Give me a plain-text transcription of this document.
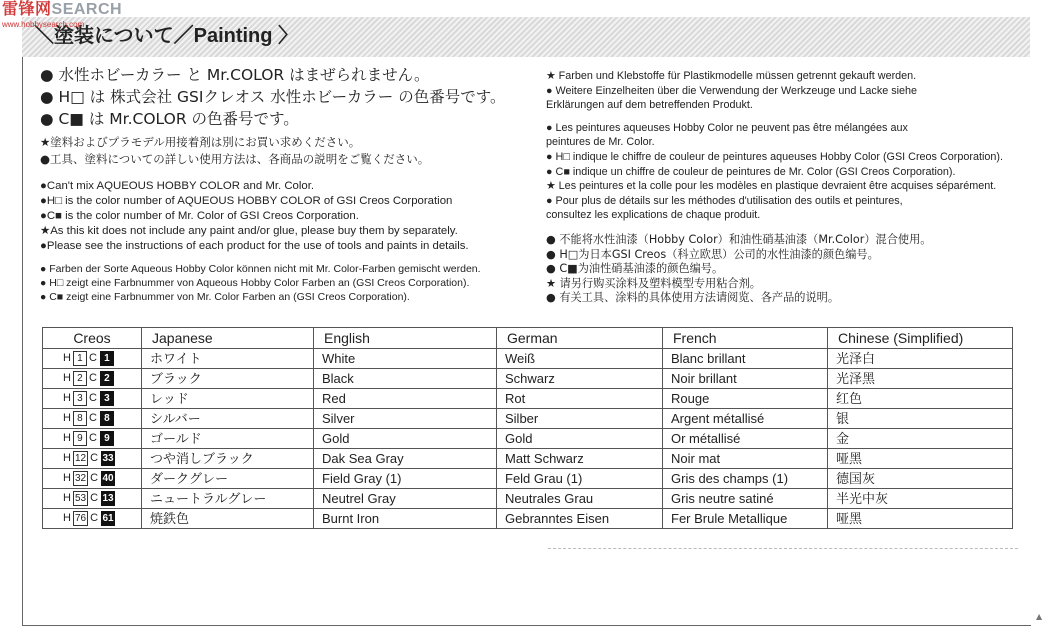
＼塗装について／Painting 〉
雷锋网SEARCH
www.hobbysearch.com
● 水性ホビーカラー と Mr.COLOR はまぜられません。
● H□ は 株式会社 GSIクレオス 水性ホビーカラー の色番号です。
● C■ は Mr.COLOR の色番号です。
★塗料およびプラモデル用接着剤は別にお買い求めください。
●工具、塗料についての詳しい使用方法は、各商品の説明をご覧ください。
●Can't mix AQUEOUS HOBBY COLOR and Mr. Color.
●H□ is the color number of AQUEOUS HOBBY COLOR of GSI Creos Corporation
●C■ is the color number of Mr. Color of GSI Creos Corporation.
★As this kit does not include any paint and/or glue, please buy them by separately.
●Please see the instructions of each product for the use of tools and paints in details.
● Farben der Sorte Aqueous Hobby Color können nicht mit Mr. Color-Farben gemischt werden.
● H□ zeigt eine Farbnummer von Aqueous Hobby Color Farben an (GSI Creos Corporation).
● C■ zeigt eine Farbnummer von Mr. Color Farben an (GSI Creos Corporation).
★ Farben und Klebstoffe für Plastikmodelle müssen getrennt gekauft werden.
● Weitere Einzelheiten über die Verwendung der Werkzeuge und Lacke siehe
Erklärungen auf dem betreffenden Produkt.
● Les peintures aqueuses Hobby Color ne peuvent pas être mélangées aux
peintures de Mr. Color.
● H□ indique le chiffre de couleur de peintures aqueuses Hobby Color (GSI Creos Corporation).
● C■ indique un chiffre de couleur de peintures de Mr. Color (GSI Creos Corporation).
★ Les peintures et la colle pour les modèles en plastique devraient être acquises séparément.
● Pour plus de détails sur les méthodes d'utilisation des outils et peintures,
consultez les explications de chaque produit.
● 不能将水性油漆（Hobby Color）和油性硝基油漆（Mr.Color）混合使用。
● H□为日本GSI Creos（科立欧思）公司的水性油漆的颜色编号。
● C■为油性硝基油漆的颜色编号。
★ 请另行购买涂料及塑料模型专用粘合剂。
● 有关工具、涂料的具体使用方法请阅览、各产品的说明。
Creos	Japanese	English	German	French	Chinese (Simplified)
H 1 C 1	ホワイト	White	Weiß	Blanc brillant	光泽白
H 2 C 2	ブラック	Black	Schwarz	Noir brillant	光泽黑
H 3 C 3	レッド	Red	Rot	Rouge	红色
H 8 C 8	シルバー	Silver	Silber	Argent métallisé	银
H 9 C 9	ゴールド	Gold	Gold	Or métallisé	金
H 12 C 33	つや消しブラック	Dak Sea Gray	Matt Schwarz	Noir mat	哑黑
H 32 C 40	ダークグレー	Field Gray (1)	Feld Grau (1)	Gris des champs (1)	德国灰
H 53 C 13	ニュートラルグレー	Neutrel Gray	Neutrales Grau	Gris neutre satiné	半光中灰
H 76 C 61	焼鉄色	Burnt Iron	Gebranntes Eisen	Fer Brule Metallique	哑黑
▲
